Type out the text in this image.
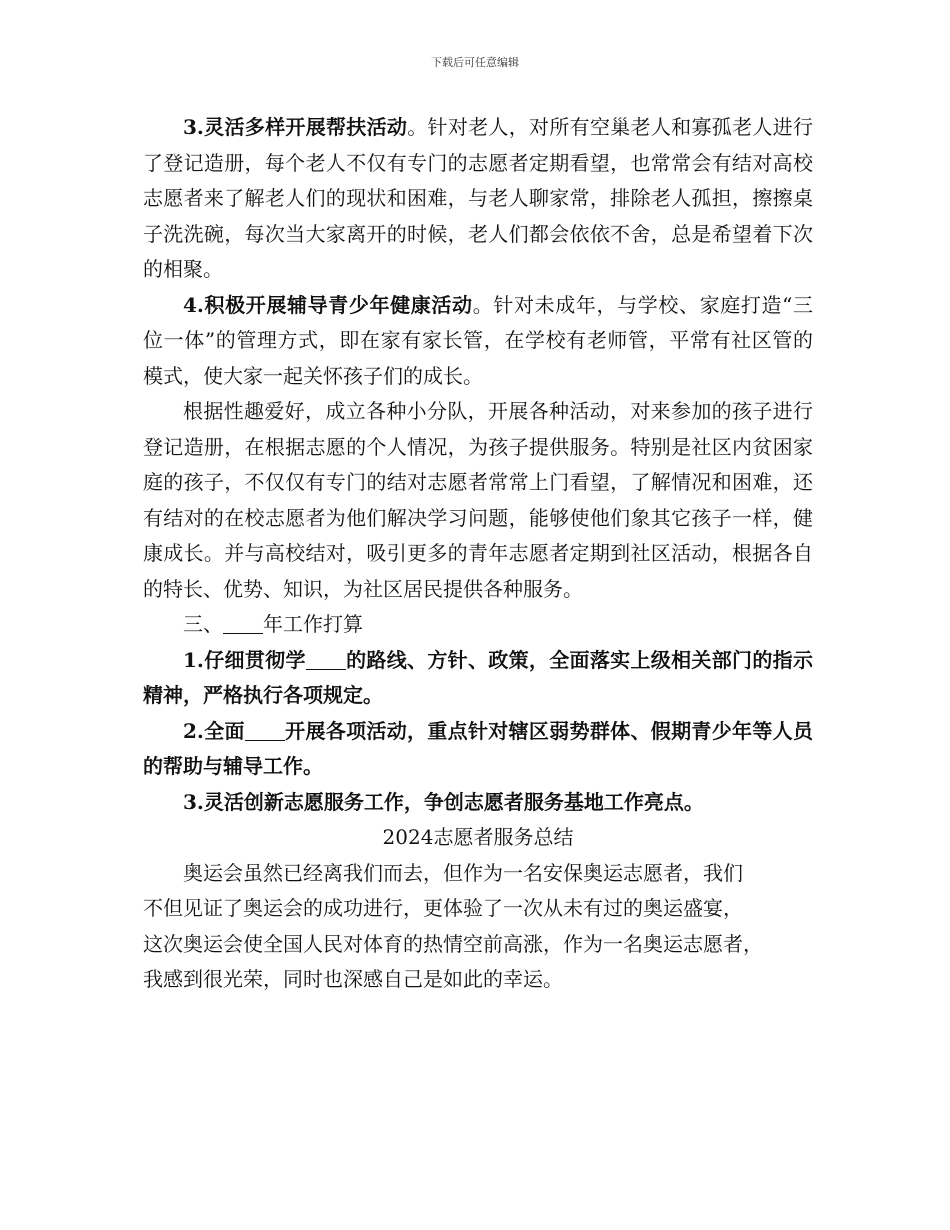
下载后可任意编辑

3.灵活多样开展帮扶活动。针对老人，对所有空巢老人和寡孤老人进行了登记造册，每个老人不仅有专门的志愿者定期看望，也常常会有结对高校志愿者来了解老人们的现状和困难，与老人聊家常，排除老人孤担，擦擦桌子洗洗碗，每次当大家离开的时候，老人们都会依依不舍，总是希望着下次的相聚。

4.积极开展辅导青少年健康活动。针对未成年，与学校、家庭打造“三位一体”的管理方式，即在家有家长管，在学校有老师管，平常有社区管的模式，使大家一起关怀孩子们的成长。

根据性趣爱好，成立各种小分队，开展各种活动，对来参加的孩子进行登记造册，在根据志愿的个人情况，为孩子提供服务。特别是社区内贫困家庭的孩子，不仅仅有专门的结对志愿者常常上门看望，了解情况和困难，还有结对的在校志愿者为他们解决学习问题，能够使他们象其它孩子一样，健康成长。并与高校结对，吸引更多的青年志愿者定期到社区活动，根据各自的特长、优势、知识，为社区居民提供各种服务。

三、 年工作打算

1.仔细贯彻学 的路线、方针、政策，全面落实上级相关部门的指示精神，严格执行各项规定。

2.全面 开展各项活动，重点针对辖区弱势群体、假期青少年等人员的帮助与辅导工作。

3.灵活创新志愿服务工作，争创志愿者服务基地工作亮点。

2024志愿者服务总结

奥运会虽然已经离我们而去，但作为一名安保奥运志愿者，我们
不但见证了奥运会的成功进行，更体验了一次从未有过的奥运盛宴，
这次奥运会使全国人民对体育的热情空前高涨，作为一名奥运志愿者，
我感到很光荣，同时也深感自己是如此的幸运。
